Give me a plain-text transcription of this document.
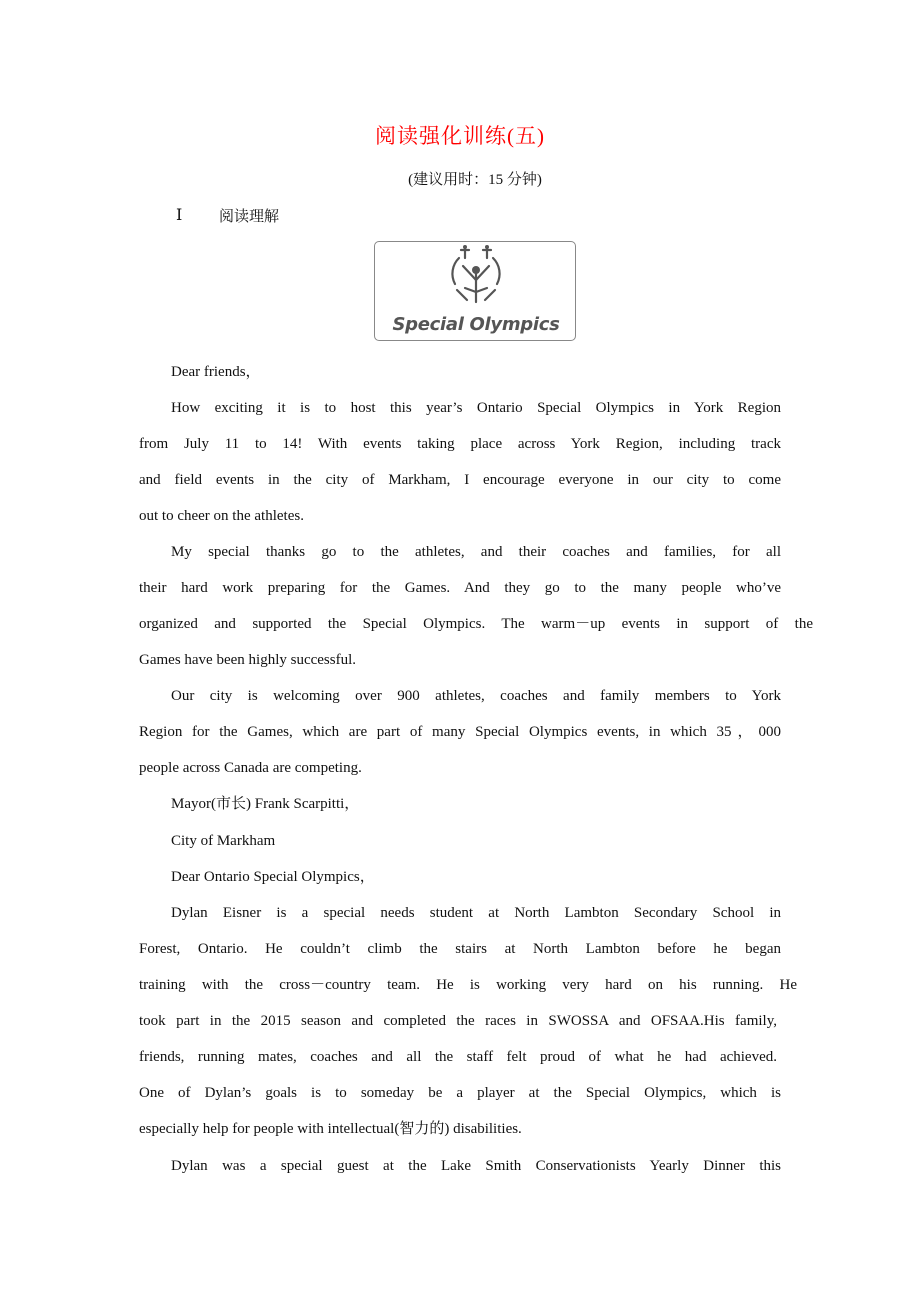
阅读强化训练(五)
(建议用时：15 分钟)
Ⅰ 阅读理解
Special Olympics
Dear friends，
How exciting it is to host this year’s Ontario Special Olympics in York Region
from July 11 to 14! With events taking place across York Region, including track
and field events in the city of Markham, I encourage everyone in our city to come
out to cheer on the athletes.
My special thanks go to the athletes, and their coaches and families, for all
their hard work preparing for the Games. And they go to the many people who’ve
organized and supported the Special Olympics. The warm－up events in support of the
Games have been highly successful.
Our city is welcoming over 900 athletes, coaches and family members to York
Region for the Games, which are part of many Special Olympics events, in which 35，000
people across Canada are competing.
Mayor(市长) Frank Scarpitti，
City of Markham
Dear Ontario Special Olympics，
Dylan Eisner is a special needs student at North Lambton Secondary School in
Forest, Ontario. He couldn’t climb the stairs at North Lambton before he began
training with the cross－country team. He is working very hard on his running. He
took part in the 2015 season and completed the races in SWOSSA and OFSAA.His family,
friends, running mates, coaches and all the staff felt proud of what he had achieved.
One of Dylan’s goals is to someday be a player at the Special Olympics, which is
especially help for people with intellectual(智力的) disabilities.
Dylan was a special guest at the Lake Smith Conservationists Yearly Dinner this
